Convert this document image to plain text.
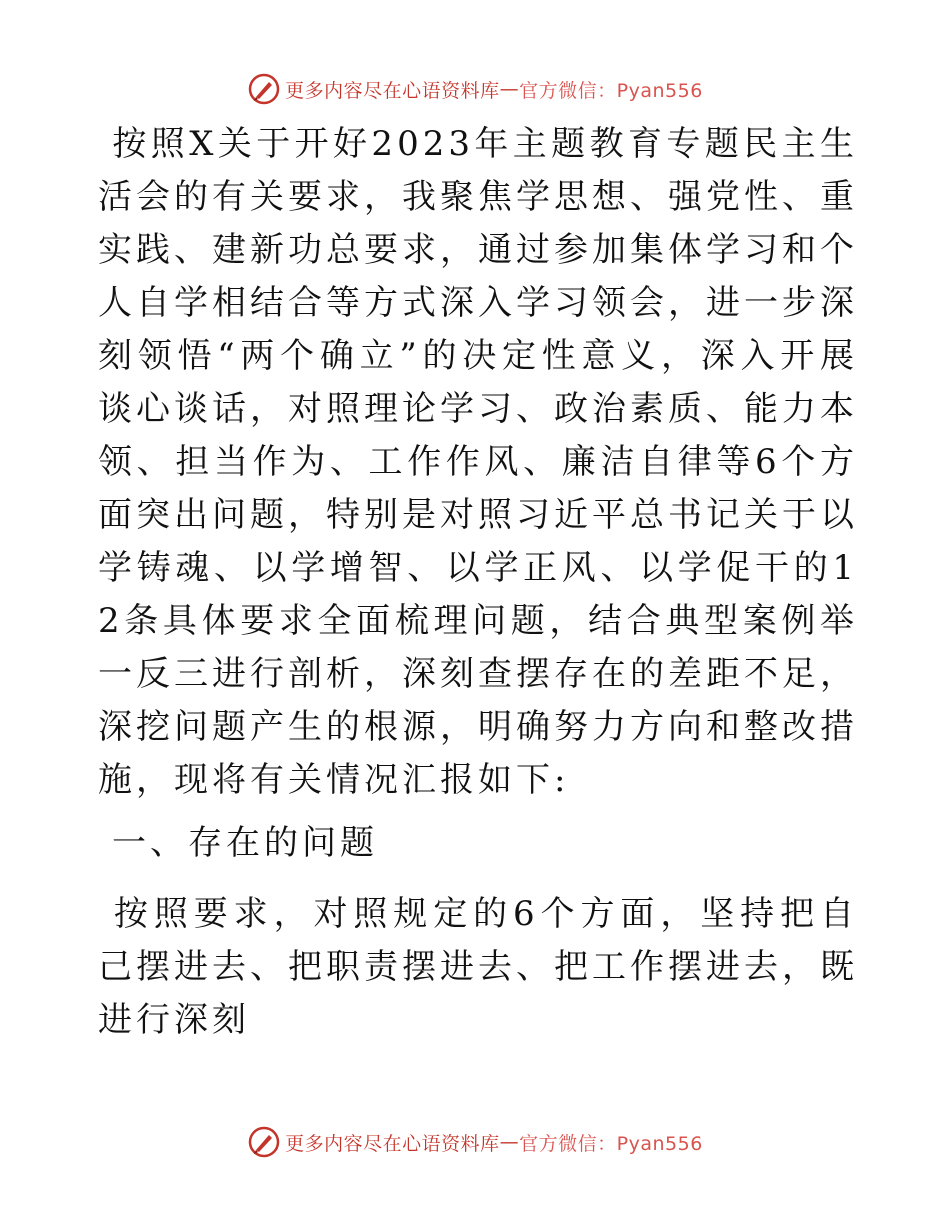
更多内容尽在心语资料库 — 官方微信：Pyan556

按照X关于开好2023年主题教育专题民主生活会的有关要求，我聚焦学思想、强党性、重实践、建新功总要求，通过参加集体学习和个人自学相结合等方式深入学习领会，进一步深刻领悟“两个确立”的决定性意义，深入开展谈心谈话，对照理论学习、政治素质、能力本领、担当作为、工作作风、廉洁自律等6个方面突出问题，特别是对照习近平总书记关于以学铸魂、以学增智、以学正风、以学促干的12条具体要求全面梳理问题，结合典型案例举一反三进行剖析，深刻查摆存在的差距不足，深挖问题产生的根源，明确努力方向和整改措施，现将有关情况汇报如下:

一、存在的问题

按照要求，对照规定的6个方面，坚持把自己摆进去、把职责摆进去、把工作摆进去，既进行深刻

更多内容尽在心语资料库 — 官方微信：Pyan556
